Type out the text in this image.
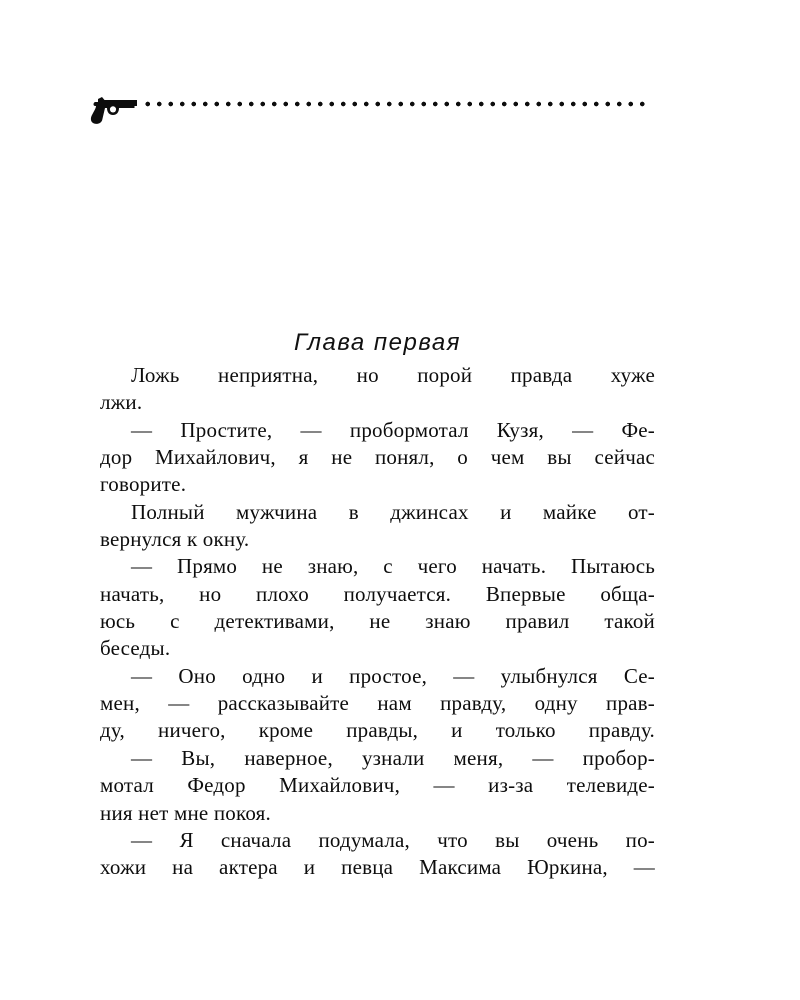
Глава первая
Ложь неприятна, но порой правда хуже
лжи.
— Простите, — пробормотал Кузя, — Фе-
дор Михайлович, я не понял, о чем вы сейчас
говорите.
Полный мужчина в джинсах и майке от-
вернулся к окну.
— Прямо не знаю, с чего начать. Пытаюсь
начать, но плохо получается. Впервые обща-
юсь с детективами, не знаю правил такой
беседы.
— Оно одно и простое, — улыбнулся Се-
мен, — рассказывайте нам правду, одну прав-
ду, ничего, кроме правды, и только правду.
— Вы, наверное, узнали меня, — пробор-
мотал Федор Михайлович, — из-за телевиде-
ния нет мне покоя.
— Я сначала подумала, что вы очень по-
хожи на актера и певца Максима Юркина, —
